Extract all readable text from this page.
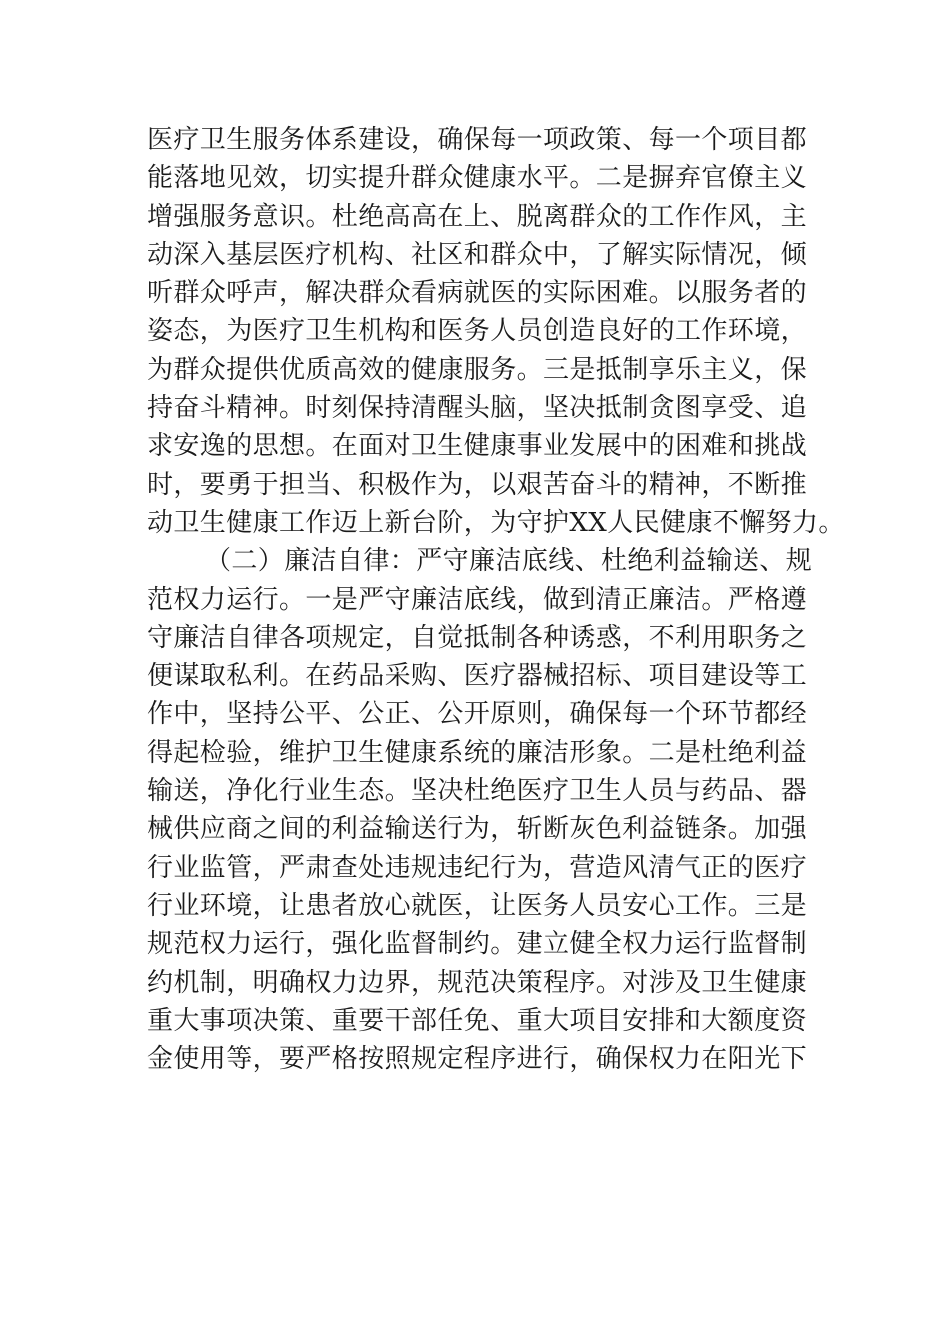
医疗卫生服务体系建设，确保每一项政策、每一个项目都
能落地见效，切实提升群众健康水平。二是摒弃官僚主义
增强服务意识。杜绝高高在上、脱离群众的工作作风，主
动深入基层医疗机构、社区和群众中，了解实际情况，倾
听群众呼声，解决群众看病就医的实际困难。以服务者的
姿态，为医疗卫生机构和医务人员创造良好的工作环境，
为群众提供优质高效的健康服务。三是抵制享乐主义，保
持奋斗精神。时刻保持清醒头脑，坚决抵制贪图享受、追
求安逸的思想。在面对卫生健康事业发展中的困难和挑战
时，要勇于担当、积极作为，以艰苦奋斗的精神，不断推
动卫生健康工作迈上新台阶，为守护XX人民健康不懈努力。
（二）廉洁自律：严守廉洁底线、杜绝利益输送、规
范权力运行。一是严守廉洁底线，做到清正廉洁。严格遵
守廉洁自律各项规定，自觉抵制各种诱惑，不利用职务之
便谋取私利。在药品采购、医疗器械招标、项目建设等工
作中，坚持公平、公正、公开原则，确保每一个环节都经
得起检验，维护卫生健康系统的廉洁形象。二是杜绝利益
输送，净化行业生态。坚决杜绝医疗卫生人员与药品、器
械供应商之间的利益输送行为，斩断灰色利益链条。加强
行业监管，严肃查处违规违纪行为，营造风清气正的医疗
行业环境，让患者放心就医，让医务人员安心工作。三是
规范权力运行，强化监督制约。建立健全权力运行监督制
约机制，明确权力边界，规范决策程序。对涉及卫生健康
重大事项决策、重要干部任免、重大项目安排和大额度资
金使用等，要严格按照规定程序进行，确保权力在阳光下
